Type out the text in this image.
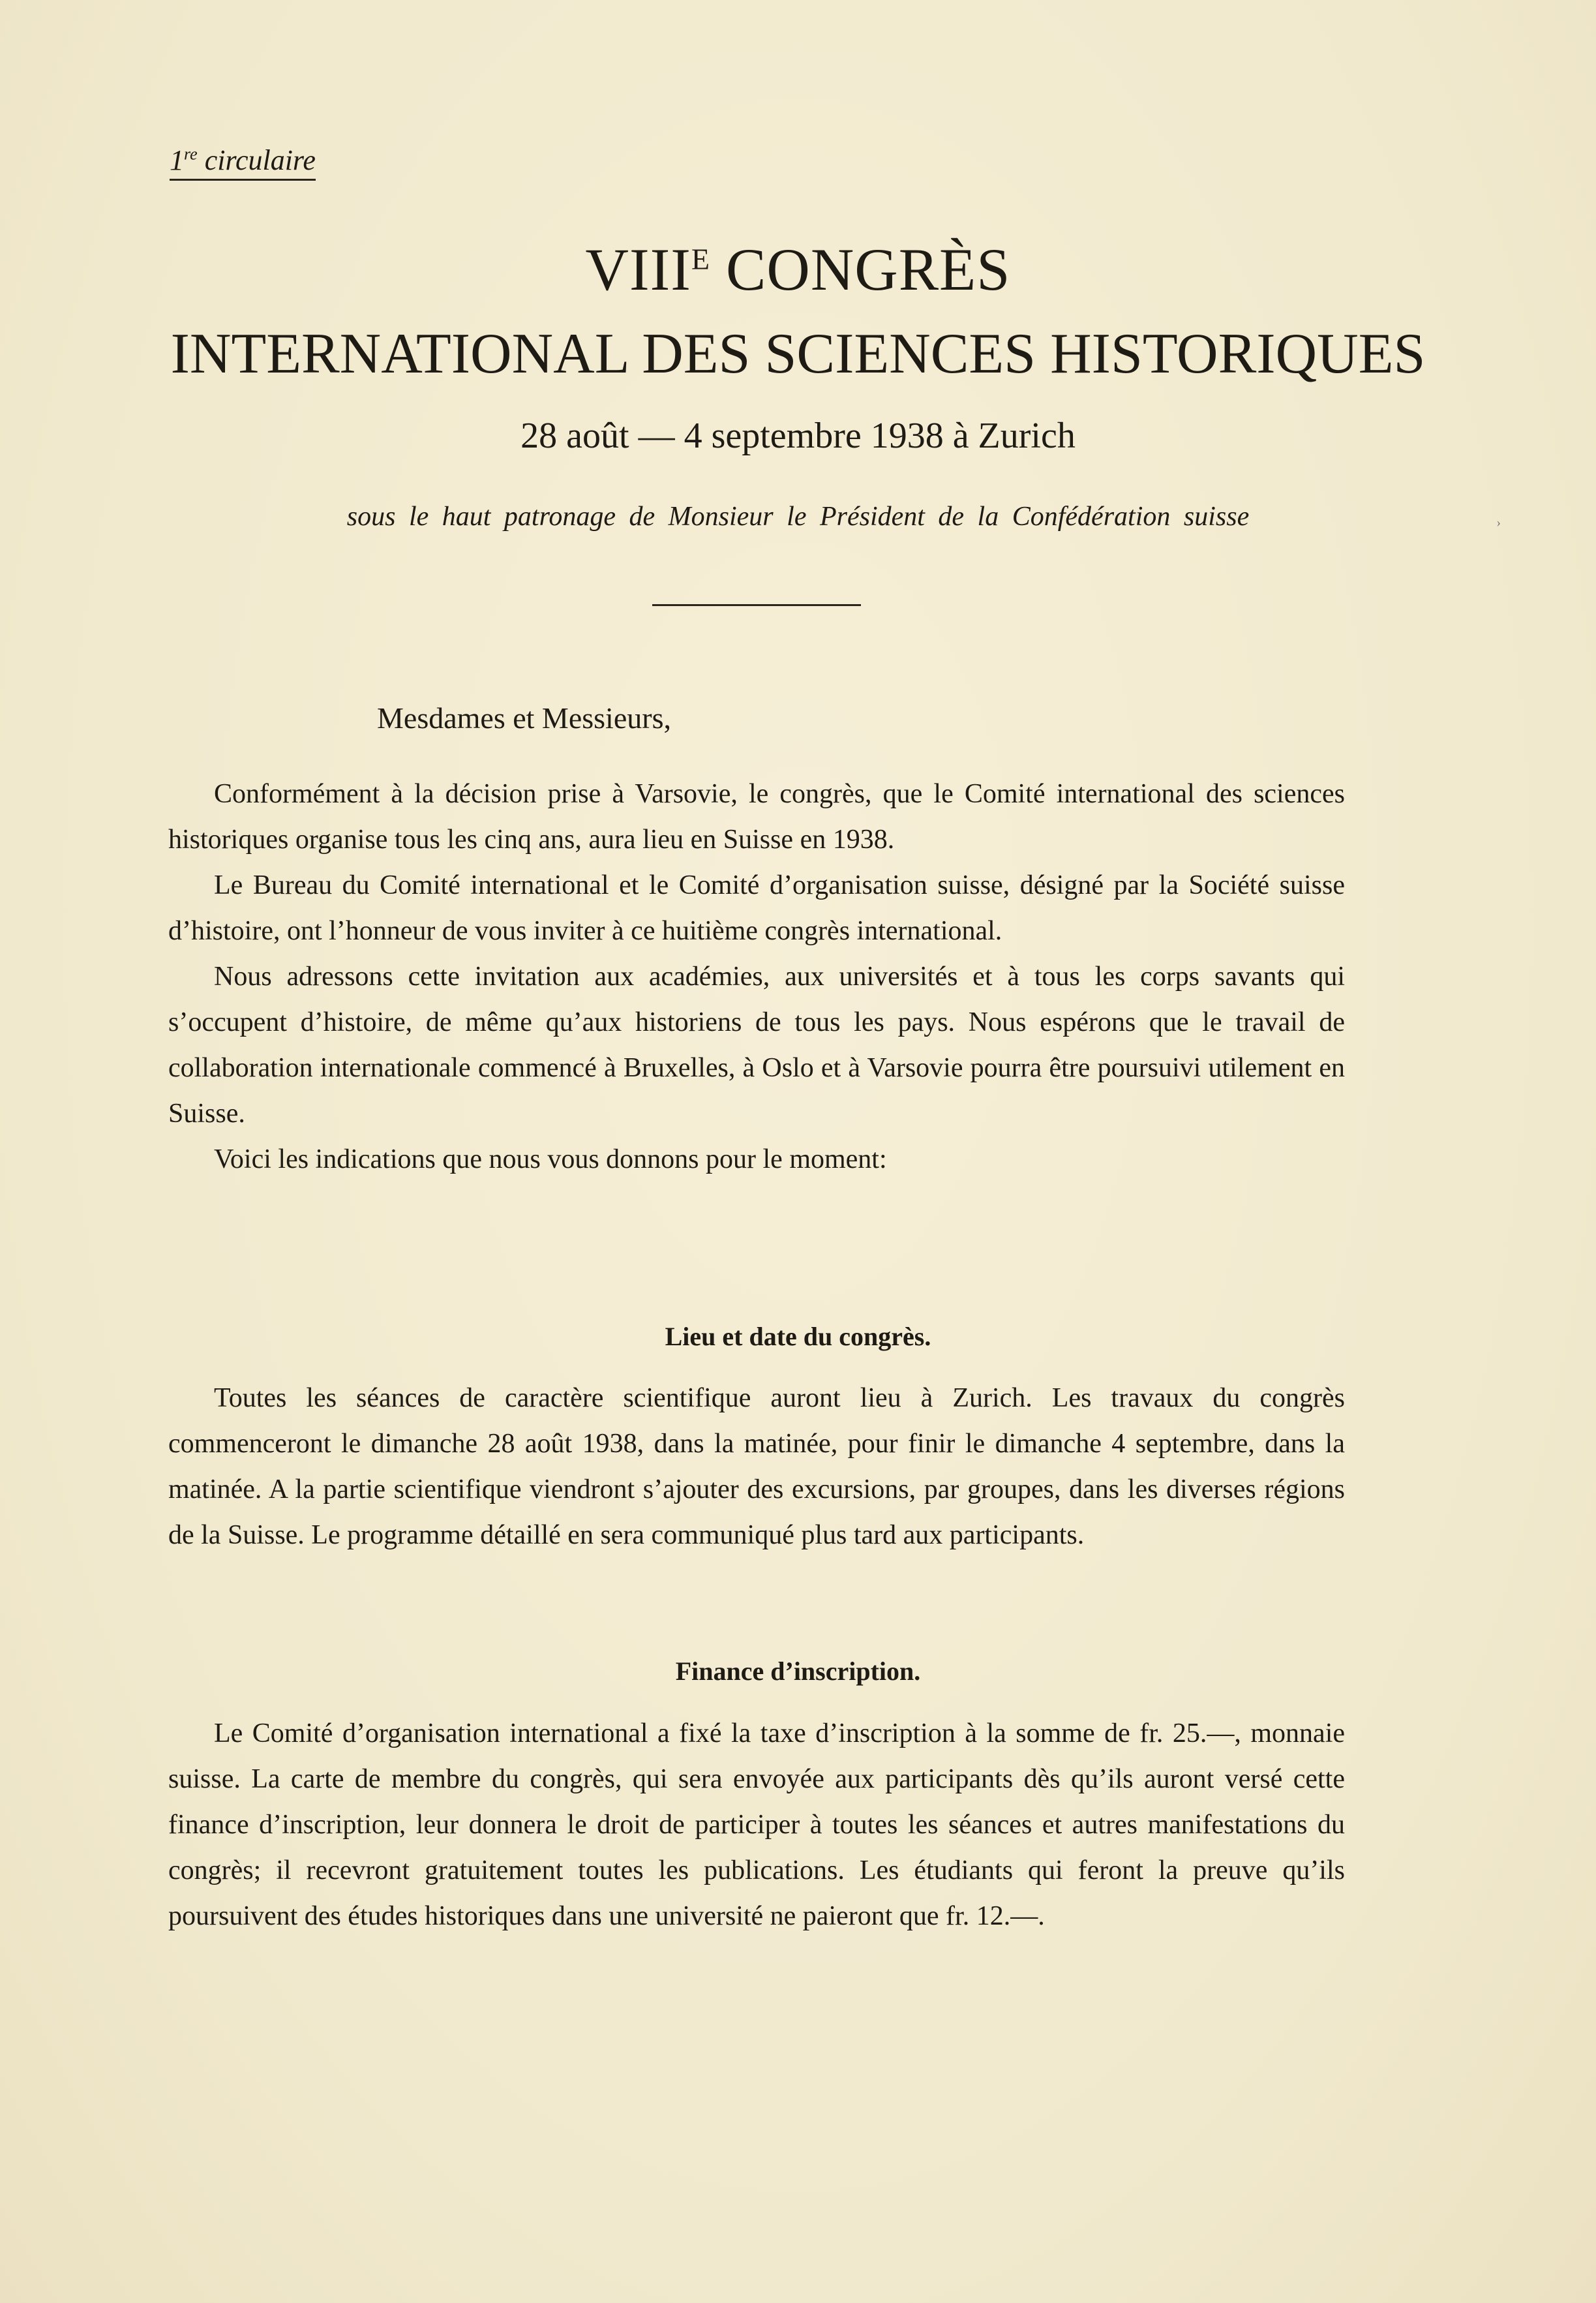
1re circulaire
$VIII^E$ CONGRÈS
INTERNATIONAL DES SCIENCES HISTORIQUES
28 août — 4 septembre 1938 à Zurich
sous le haut patronage de Monsieur le Président de la Confédération suisse	›
Mesdames et Messieurs,

Conformément à la décision prise à Varsovie, le congrès, que le Comité international des sciences historiques organise tous les cinq ans, aura lieu en Suisse en 1938.

Le Bureau du Comité international et le Comité d’organisation suisse, désigné par la Société suisse d’histoire, ont l’honneur de vous inviter à ce huitième congrès international.

Nous adressons cette invitation aux académies, aux universités et à tous les corps savants qui s’occupent d’histoire, de même qu’aux historiens de tous les pays. Nous espérons que le travail de collaboration internationale commencé à Bruxelles, à Oslo et à Varsovie pourra être poursuivi utilement en Suisse.

Voici les indications que nous vous donnons pour le moment:

Lieu et date du congrès.

Toutes les séances de caractère scientifique auront lieu à Zurich. Les travaux du congrès commenceront le dimanche 28 août 1938, dans la matinée, pour finir le dimanche 4 septembre, dans la matinée. A la partie scientifique viendront s’ajouter des excursions, par groupes, dans les diverses régions de la Suisse. Le programme détaillé en sera communiqué plus tard aux participants.

Finance d’inscription.

Le Comité d’organisation international a fixé la taxe d’inscription à la somme de fr. 25.—, monnaie suisse. La carte de membre du congrès, qui sera envoyée aux participants dès qu’ils auront versé cette finance d’inscription, leur donnera le droit de participer à toutes les séances et autres manifestations du congrès; il recevront gratuitement toutes les publications. Les étudiants qui feront la preuve qu’ils poursuivent des études historiques dans une université ne paieront que fr. 12.—.
